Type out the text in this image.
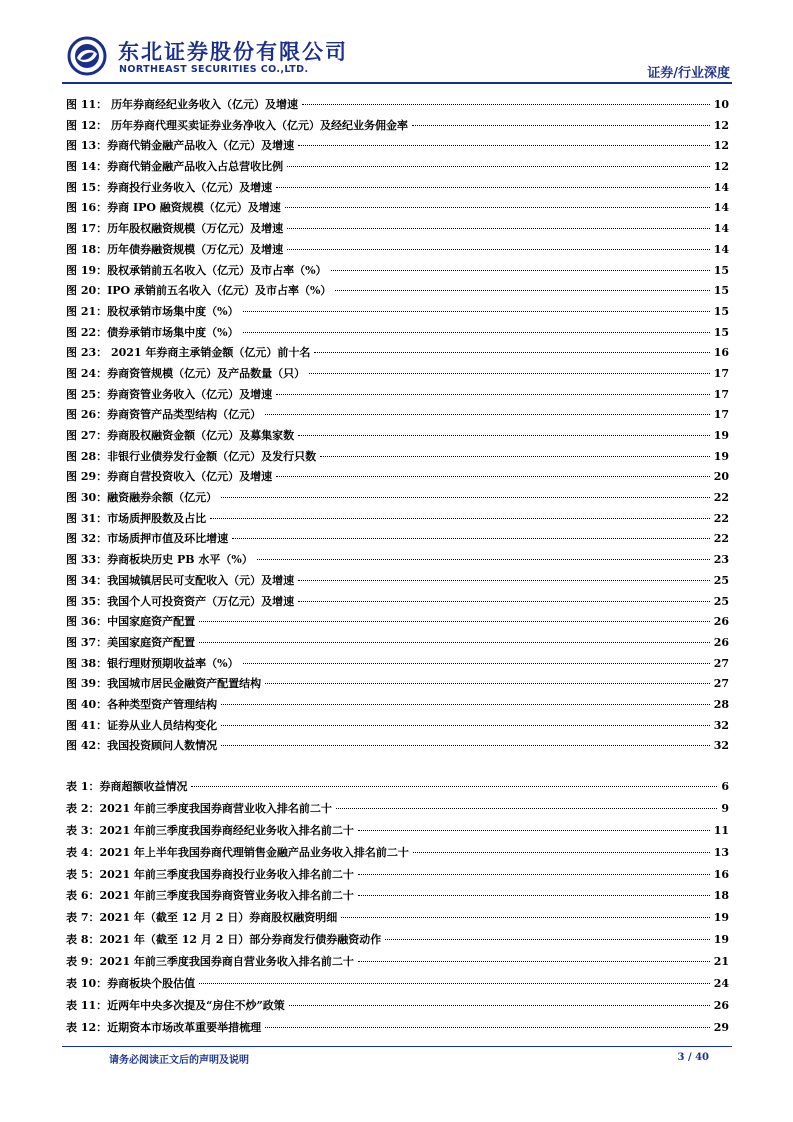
东北证券股份有限公司
NORTHEAST SECURITIES CO.,LTD.	证券/行业深度
图 11： 历年券商经纪业务收入（亿元）及增速	10
图 12： 历年券商代理买卖证券业务净收入（亿元）及经纪业务佣金率	12
图 13：券商代销金融产品收入（亿元）及增速	12
图 14：券商代销金融产品收入占总营收比例	12
图 15：券商投行业务收入（亿元）及增速	14
图 16：券商 IPO 融资规模（亿元）及增速	14
图 17：历年股权融资规模（万亿元）及增速	14
图 18：历年债券融资规模（万亿元）及增速	14
图 19：股权承销前五名收入（亿元）及市占率（%）	15
图 20：IPO 承销前五名收入（亿元）及市占率（%）	15
图 21：股权承销市场集中度（%）	15
图 22：债券承销市场集中度（%）	15
图 23： 2021 年券商主承销金额（亿元）前十名	16
图 24：券商资管规模（亿元）及产品数量（只）	17
图 25：券商资管业务收入（亿元）及增速	17
图 26：券商资管产品类型结构（亿元）	17
图 27：券商股权融资金额（亿元）及募集家数	19
图 28：非银行业债券发行金额（亿元）及发行只数	19
图 29：券商自营投资收入（亿元）及增速	20
图 30：融资融券余额（亿元）	22
图 31：市场质押股数及占比	22
图 32：市场质押市值及环比增速	22
图 33：券商板块历史 PB 水平（%）	23
图 34：我国城镇居民可支配收入（元）及增速	25
图 35：我国个人可投资资产（万亿元）及增速	25
图 36：中国家庭资产配置	26
图 37：美国家庭资产配置	26
图 38：银行理财预期收益率（%）	27
图 39：我国城市居民金融资产配置结构	27
图 40：各种类型资产管理结构	28
图 41：证券从业人员结构变化	32
图 42：我国投资顾问人数情况	32
表 1：券商超额收益情况	6
表 2：2021 年前三季度我国券商营业收入排名前二十	9
表 3：2021 年前三季度我国券商经纪业务收入排名前二十	11
表 4：2021 年上半年我国券商代理销售金融产品业务收入排名前二十	13
表 5：2021 年前三季度我国券商投行业务收入排名前二十	16
表 6：2021 年前三季度我国券商资管业务收入排名前二十	18
表 7：2021 年（截至 12 月 2 日）券商股权融资明细	19
表 8：2021 年（截至 12 月 2 日）部分券商发行债券融资动作	19
表 9：2021 年前三季度我国券商自营业务收入排名前二十	21
表 10：券商板块个股估值	24
表 11：近两年中央多次提及“房住不炒”政策	26
表 12：近期资本市场改革重要举措梳理	29
请务必阅读正文后的声明及说明	3 / 40
